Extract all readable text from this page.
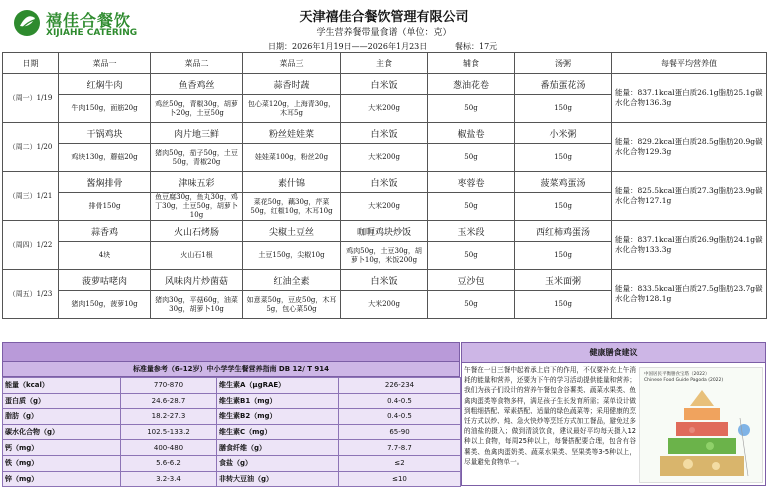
禧佳合餐饮
XIJIAHE CATERING
天津禧佳合餐饮管理有限公司
学生营养餐带量食谱（单位：克）
日期：2026年1月19日——2026年1月23日	餐标：17元
日期	菜品一	菜品二	菜品三	主食	辅食	汤粥	每餐平均营养值
（周一）1/19	红焖牛肉	鱼香鸡丝	蒜香时蔬	白米饭	葱油花卷	番茄蛋花汤	能量：837.1kcal蛋白质26.1g脂肪25.1g碳水化合物136.3g
	牛肉150g，面筋20g	鸡丝50g，青椒30g，胡萝卜20g，土豆50g	包心菜120g，上海青30g，木耳5g	大米200g	50g	150g	
（周二）1/20	干锅鸡块	肉片地三鲜	粉丝娃娃菜	白米饭	椒盐卷	小米粥	能量：829.2kcal蛋白质28.5g脂肪20.9g碳水化合物129.3g
	鸡块130g，蘑菇20g	猪肉50g，茄子50g，土豆50g，青椒20g	娃娃菜100g，粉丝20g	大米200g	50g	150g	
（周三）1/21	酱焖排骨	津味五彩	素什锦	白米饭	枣蓉卷	菠菜鸡蛋汤	能量：825.5kcal蛋白质27.3g脂肪23.9g碳水化合物127.1g
	排骨150g	鱼豆腐30g，鱼丸30g，鸡丁30g，土豆50g，胡萝卜10g	菜花50g，藕30g，芹菜50g，红椒10g，木耳10g	大米200g	50g	150g	
（周四）1/22	蒜香鸡	火山石烤肠	尖椒土豆丝	咖喱鸡块炒饭	玉米段	西红柿鸡蛋汤	能量：837.1kcal蛋白质26.9g脂肪24.1g碳水化合物133.3g
	4块	火山石1根	土豆150g，尖椒10g	鸡肉50g，土豆30g，胡萝卜10g，米饭200g	50g	150g	
（周五）1/23	菠萝咕咾肉	风味肉片炒菌菇	红油全素	白米饭	豆沙包	玉米面粥	能量：833.5kcal蛋白质27.5g脂肪23.7g碳水化合物128.1g
	猪肉150g，菠萝10g	猪肉30g，平菇60g，油菜30g，胡萝卜10g	如意菜50g，豆皮50g，木耳5g，包心菜50g	大米200g	50g	150g	
标准量参考（6-12岁）中小学学生餐营养指南 DB 12/ T 914
能量（kcal）	770-870	维生素A（μgRAE）	226-234
蛋白质（g）	24.6-28.7	维生素B1（mg）	0.4-0.5
脂肪（g）	18.2-27.3	维生素B2（mg）	0.4-0.5
碳水化合物（g）	102.5-133.2	维生素C（mg）	65-90
钙（mg）	400-480	膳食纤维（g）	7.7-8.7
铁（mg）	5.6-6.2	食盐（g）	≤2
锌（mg）	3.2-3.4	非转大豆油（g）	≤10
健康膳食建议
午餐在一日三餐中起着承上启下的作用，不仅要补充上午消耗的能量和营养，还要为下午的学习活动提供能量和营养；我们为孩子们设计的营养午餐包含谷薯类、蔬菜水果类、鱼禽肉蛋类等食物多样，满足孩子生长发育所需；菜单设计做到粗细搭配、荤素搭配、适量的绿色蔬菜等；采用健康的烹饪方式以炒、炖、急火快炒等烹饪方式加工餐品，避免过多的油盐的摄入；做到清淡饮食，建议最好平均每天摄入12种以上食物，每周25种以上，每餐搭配要合理，包含有谷薯类、鱼禽肉蛋奶类、蔬菜水果类、坚果类等3-5种以上，尽量避免食物单一。
中国居民平衡膳食宝塔（2022）
Chinese Food Guide Pagoda (2022)
